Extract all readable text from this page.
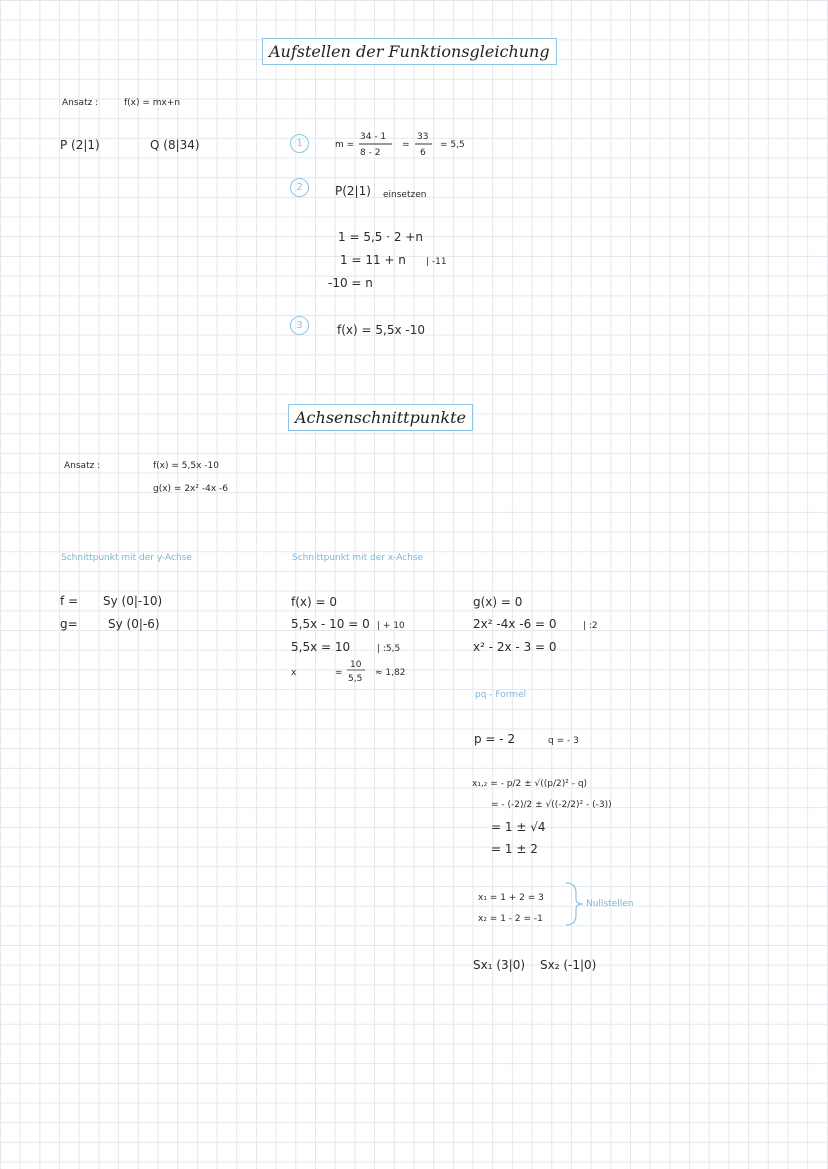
Aufstellen der Funktionsgleichung
Ansatz :	f(x) = mx+n
P (2|1)	Q (8|34)	1	m =
34 - 1
8 - 2
=
33
6
= 5,5
2	P(2|1) einsetzen
1 = 5,5 · 2 +n
1 = 11 + n | -11
-10 = n
3	f(x) = 5,5x -10
Achsenschnittpunkte
Ansatz :	f(x) = 5,5x -10
g(x) = 2x² -4x -6
Schnittpunkt mit der y-Achse	Schnittpunkt mit der x-Achse
f = Sy (0|-10)
g=	Sy (0|-6)
f(x) = 0
5,5x - 10 = 0 | + 10
5,5x = 10	| :5,5
x	=
10
5,5
≈ 1,82
g(x) = 0
2x² -4x -6 = 0	| :2
x² - 2x - 3 = 0
pq - Formel
p = - 2	q = - 3
x₁,₂ = - p/2 ± √((p/2)² - q)
= - (-2)/2 ± √((-2/2)² - (-3))
= 1 ± √4
= 1 ± 2
x₁ = 1 + 2 = 3
x₂ = 1 - 2 = -1
Nullstellen
Sx₁ (3|0) Sx₂ (-1|0)
